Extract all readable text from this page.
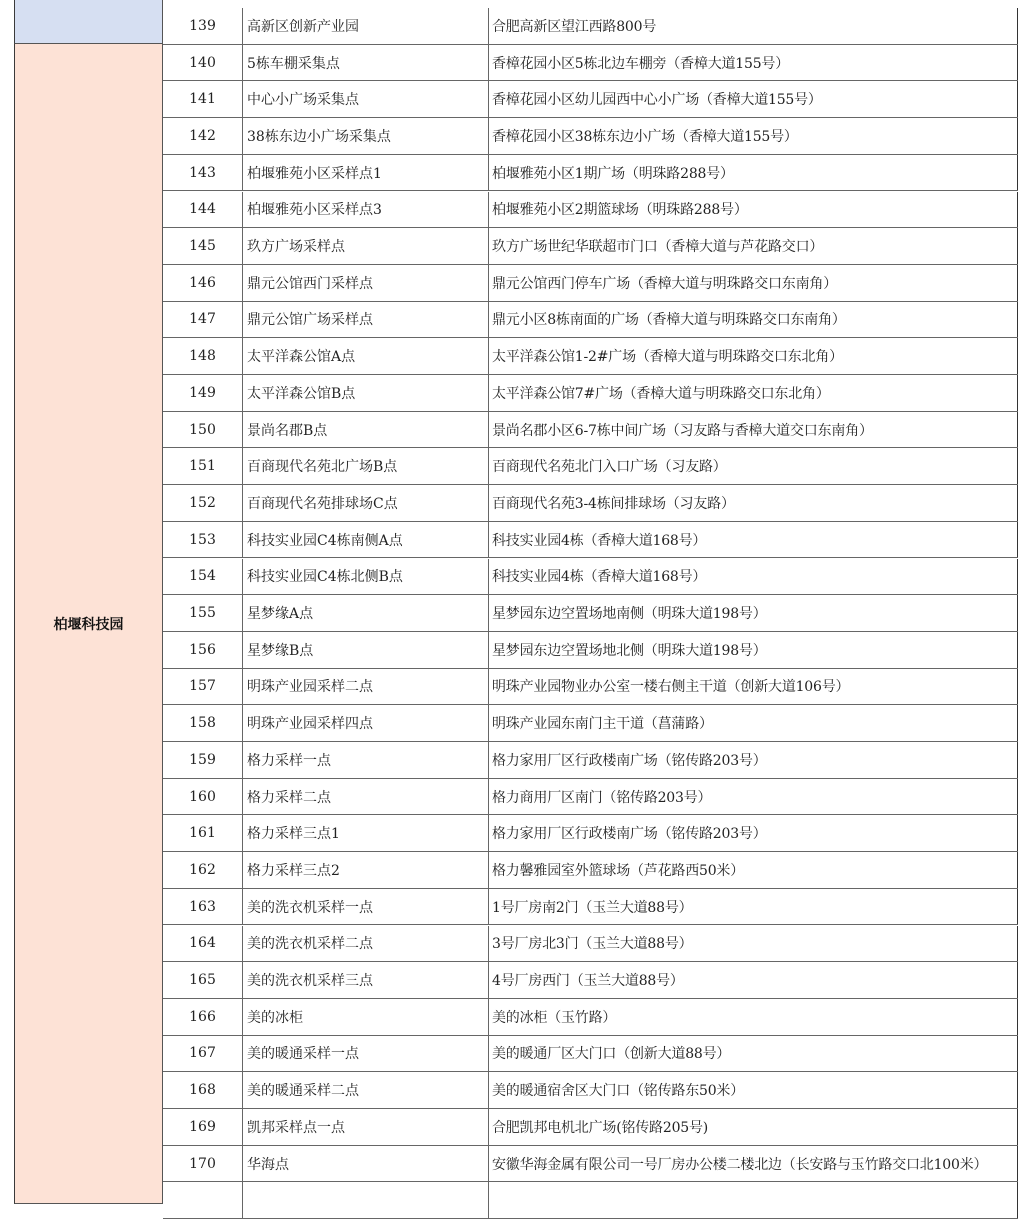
柏堰科技园
139	高新区创新产业园	合肥高新区望江西路800号
140	5栋车棚采集点	香樟花园小区5栋北边车棚旁（香樟大道155号）
141	中心小广场采集点	香樟花园小区幼儿园西中心小广场（香樟大道155号）
142	38栋东边小广场采集点	香樟花园小区38栋东边小广场（香樟大道155号）
143	柏堰雅苑小区采样点1	柏堰雅苑小区1期广场（明珠路288号）
144	柏堰雅苑小区采样点3	柏堰雅苑小区2期篮球场（明珠路288号）
145	玖方广场采样点	玖方广场世纪华联超市门口（香樟大道与芦花路交口）
146	鼎元公馆西门采样点	鼎元公馆西门停车广场（香樟大道与明珠路交口东南角）
147	鼎元公馆广场采样点	鼎元小区8栋南面的广场（香樟大道与明珠路交口东南角）
148	太平洋森公馆A点	太平洋森公馆1-2#广场（香樟大道与明珠路交口东北角）
149	太平洋森公馆B点	太平洋森公馆7#广场（香樟大道与明珠路交口东北角）
150	景尚名郡B点	景尚名郡小区6-7栋中间广场（习友路与香樟大道交口东南角）
151	百商现代名苑北广场B点	百商现代名苑北门入口广场（习友路）
152	百商现代名苑排球场C点	百商现代名苑3-4栋间排球场（习友路）
153	科技实业园C4栋南侧A点	科技实业园4栋（香樟大道168号）
154	科技实业园C4栋北侧B点	科技实业园4栋（香樟大道168号）
155	星梦缘A点	星梦园东边空置场地南侧（明珠大道198号）
156	星梦缘B点	星梦园东边空置场地北侧（明珠大道198号）
157	明珠产业园采样二点	明珠产业园物业办公室一楼右侧主干道（创新大道106号）
158	明珠产业园采样四点	明珠产业园东南门主干道（菖蒲路）
159	格力采样一点	格力家用厂区行政楼南广场（铭传路203号）
160	格力采样二点	格力商用厂区南门（铭传路203号）
161	格力采样三点1	格力家用厂区行政楼南广场（铭传路203号）
162	格力采样三点2	格力馨雅园室外篮球场（芦花路西50米）
163	美的洗衣机采样一点	1号厂房南2门（玉兰大道88号）
164	美的洗衣机采样二点	3号厂房北3门（玉兰大道88号）
165	美的洗衣机采样三点	4号厂房西门（玉兰大道88号）
166	美的冰柜	美的冰柜（玉竹路）
167	美的暖通采样一点	美的暖通厂区大门口（创新大道88号）
168	美的暖通采样二点	美的暖通宿舍区大门口（铭传路东50米）
169	凯邦采样点一点	合肥凯邦电机北广场(铭传路205号)
170	华海点	安徽华海金属有限公司一号厂房办公楼二楼北边（长安路与玉竹路交口北100米）
